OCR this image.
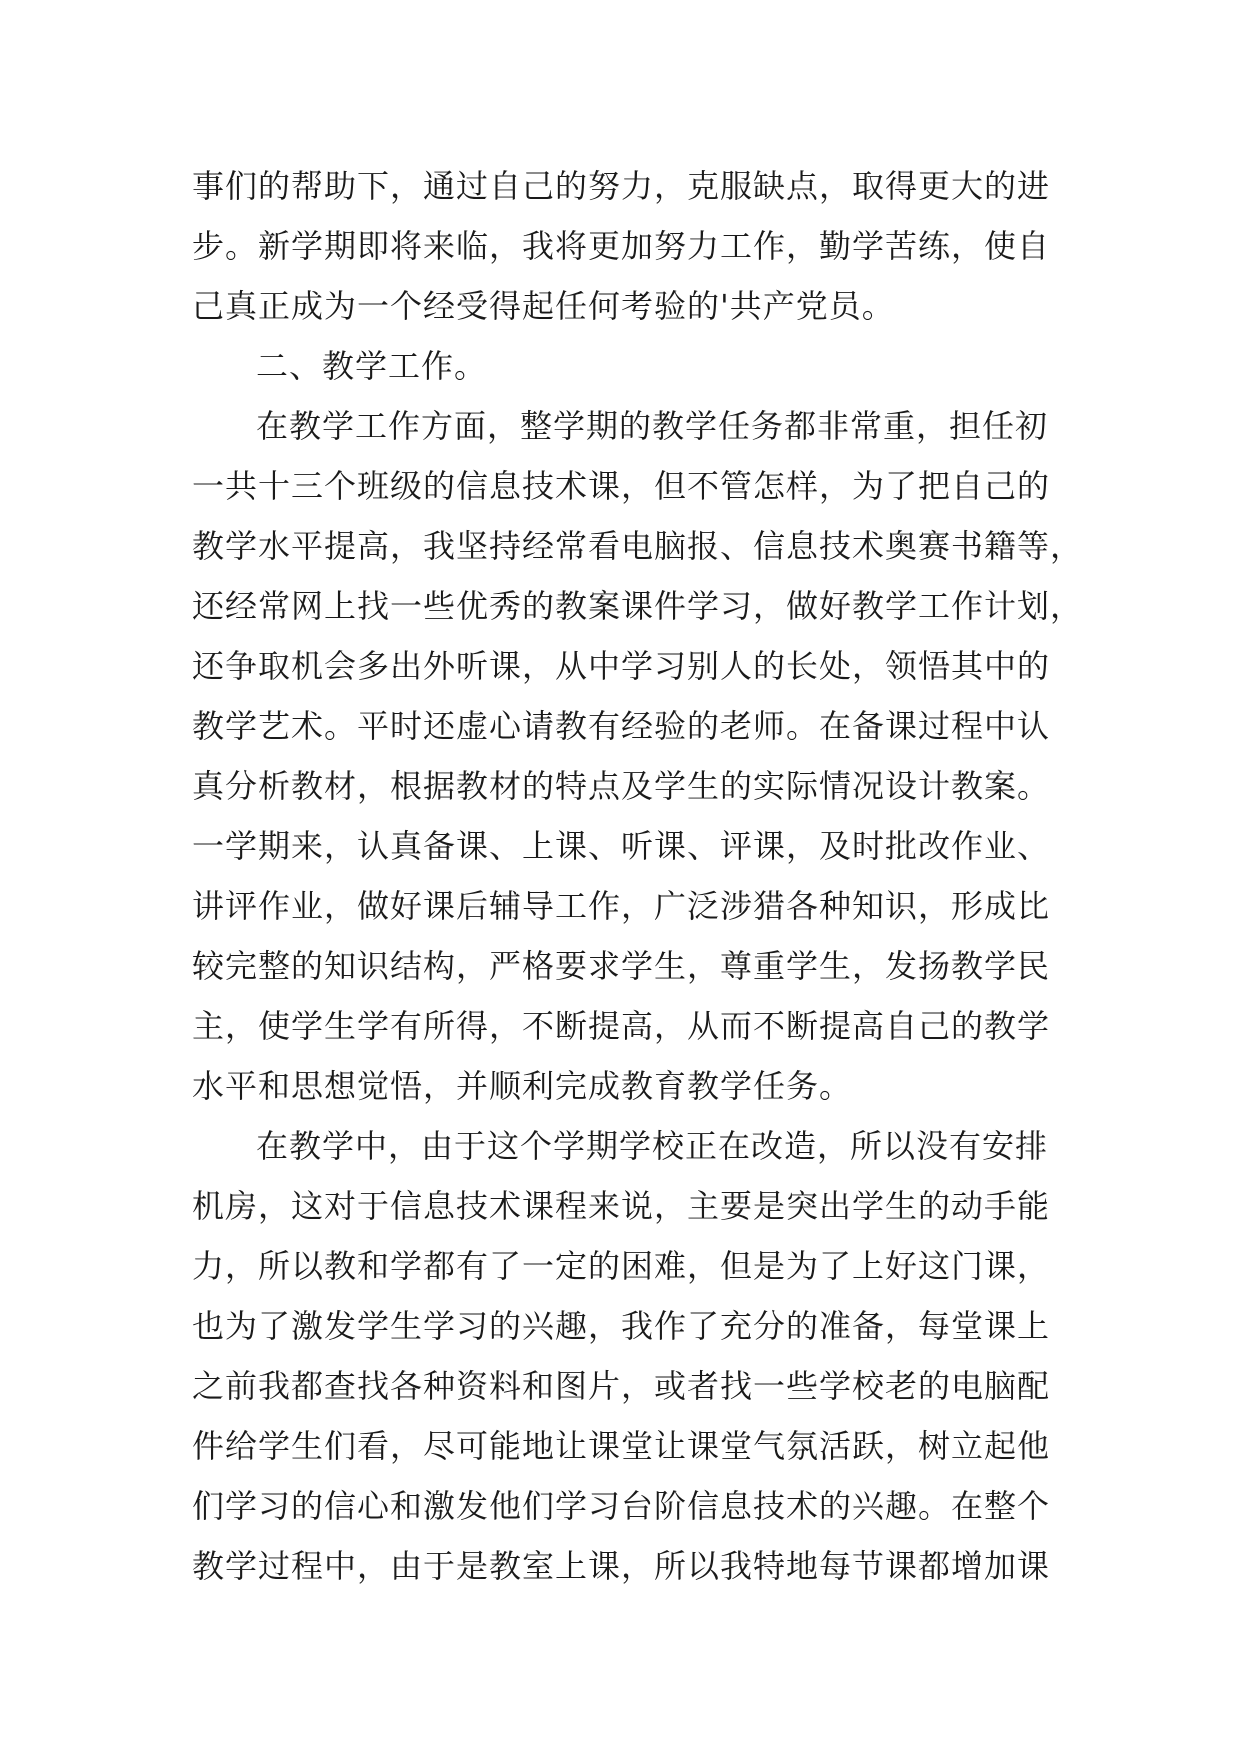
事们的帮助下，通过自己的努力，克服缺点，取得更大的进

步。新学期即将来临，我将更加努力工作，勤学苦练，使自

己真正成为一个经受得起任何考验的'共产党员。

二、教学工作。

在教学工作方面，整学期的教学任务都非常重，担任初

一共十三个班级的信息技术课，但不管怎样，为了把自己的

教学水平提高，我坚持经常看电脑报、信息技术奥赛书籍等，

还经常网上找一些优秀的教案课件学习，做好教学工作计划，

还争取机会多出外听课，从中学习别人的长处，领悟其中的

教学艺术。平时还虚心请教有经验的老师。在备课过程中认

真分析教材，根据教材的特点及学生的实际情况设计教案。

一学期来，认真备课、上课、听课、评课，及时批改作业、

讲评作业，做好课后辅导工作，广泛涉猎各种知识，形成比

较完整的知识结构，严格要求学生，尊重学生，发扬教学民

主，使学生学有所得，不断提高，从而不断提高自己的教学

水平和思想觉悟，并顺利完成教育教学任务。

在教学中，由于这个学期学校正在改造，所以没有安排

机房，这对于信息技术课程来说，主要是突出学生的动手能

力，所以教和学都有了一定的困难，但是为了上好这门课，

也为了激发学生学习的兴趣，我作了充分的准备，每堂课上

之前我都查找各种资料和图片，或者找一些学校老的电脑配

件给学生们看，尽可能地让课堂让课堂气氛活跃，树立起他

们学习的信心和激发他们学习台阶信息技术的兴趣。在整个

教学过程中，由于是教室上课，所以我特地每节课都增加课
